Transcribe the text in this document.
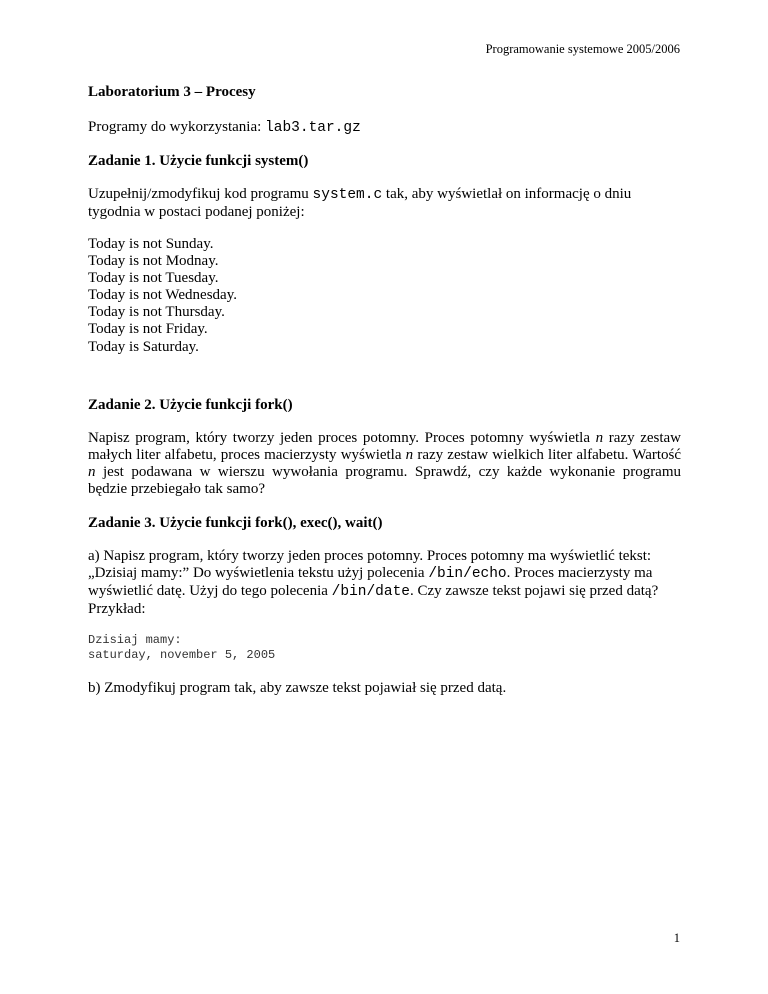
Programowanie systemowe 2005/2006
Laboratorium 3 – Procesy
Programy do wykorzystania: lab3.tar.gz
Zadanie 1. Użycie funkcji system()
Uzupełnij/zmodyfikuj kod programu system.c tak, aby wyświetlał on informację o dniu tygodnia w postaci podanej poniżej:
Today is not Sunday.
Today is not Modnay.
Today is not Tuesday.
Today is not Wednesday.
Today is not Thursday.
Today is not Friday.
Today is Saturday.
Zadanie 2. Użycie funkcji fork()
Napisz program, który tworzy jeden proces potomny. Proces potomny wyświetla n razy zestaw małych liter alfabetu, proces macierzysty wyświetla n razy zestaw wielkich liter alfabetu. Wartość n jest podawana w wierszu wywołania programu. Sprawdź, czy każde wykonanie programu będzie przebiegało tak samo?
Zadanie 3. Użycie funkcji fork(), exec(), wait()
a) Napisz program, który tworzy jeden proces potomny. Proces potomny ma wyświetlić tekst: „Dzisiaj mamy:” Do wyświetlenia tekstu użyj polecenia /bin/echo. Proces macierzysty ma wyświetlić datę. Użyj do tego polecenia /bin/date. Czy zawsze tekst pojawi się przed datą? Przykład:
Dzisiaj mamy:
saturday, november 5, 2005
b) Zmodyfikuj program tak, aby zawsze tekst pojawiał się przed datą.
1
